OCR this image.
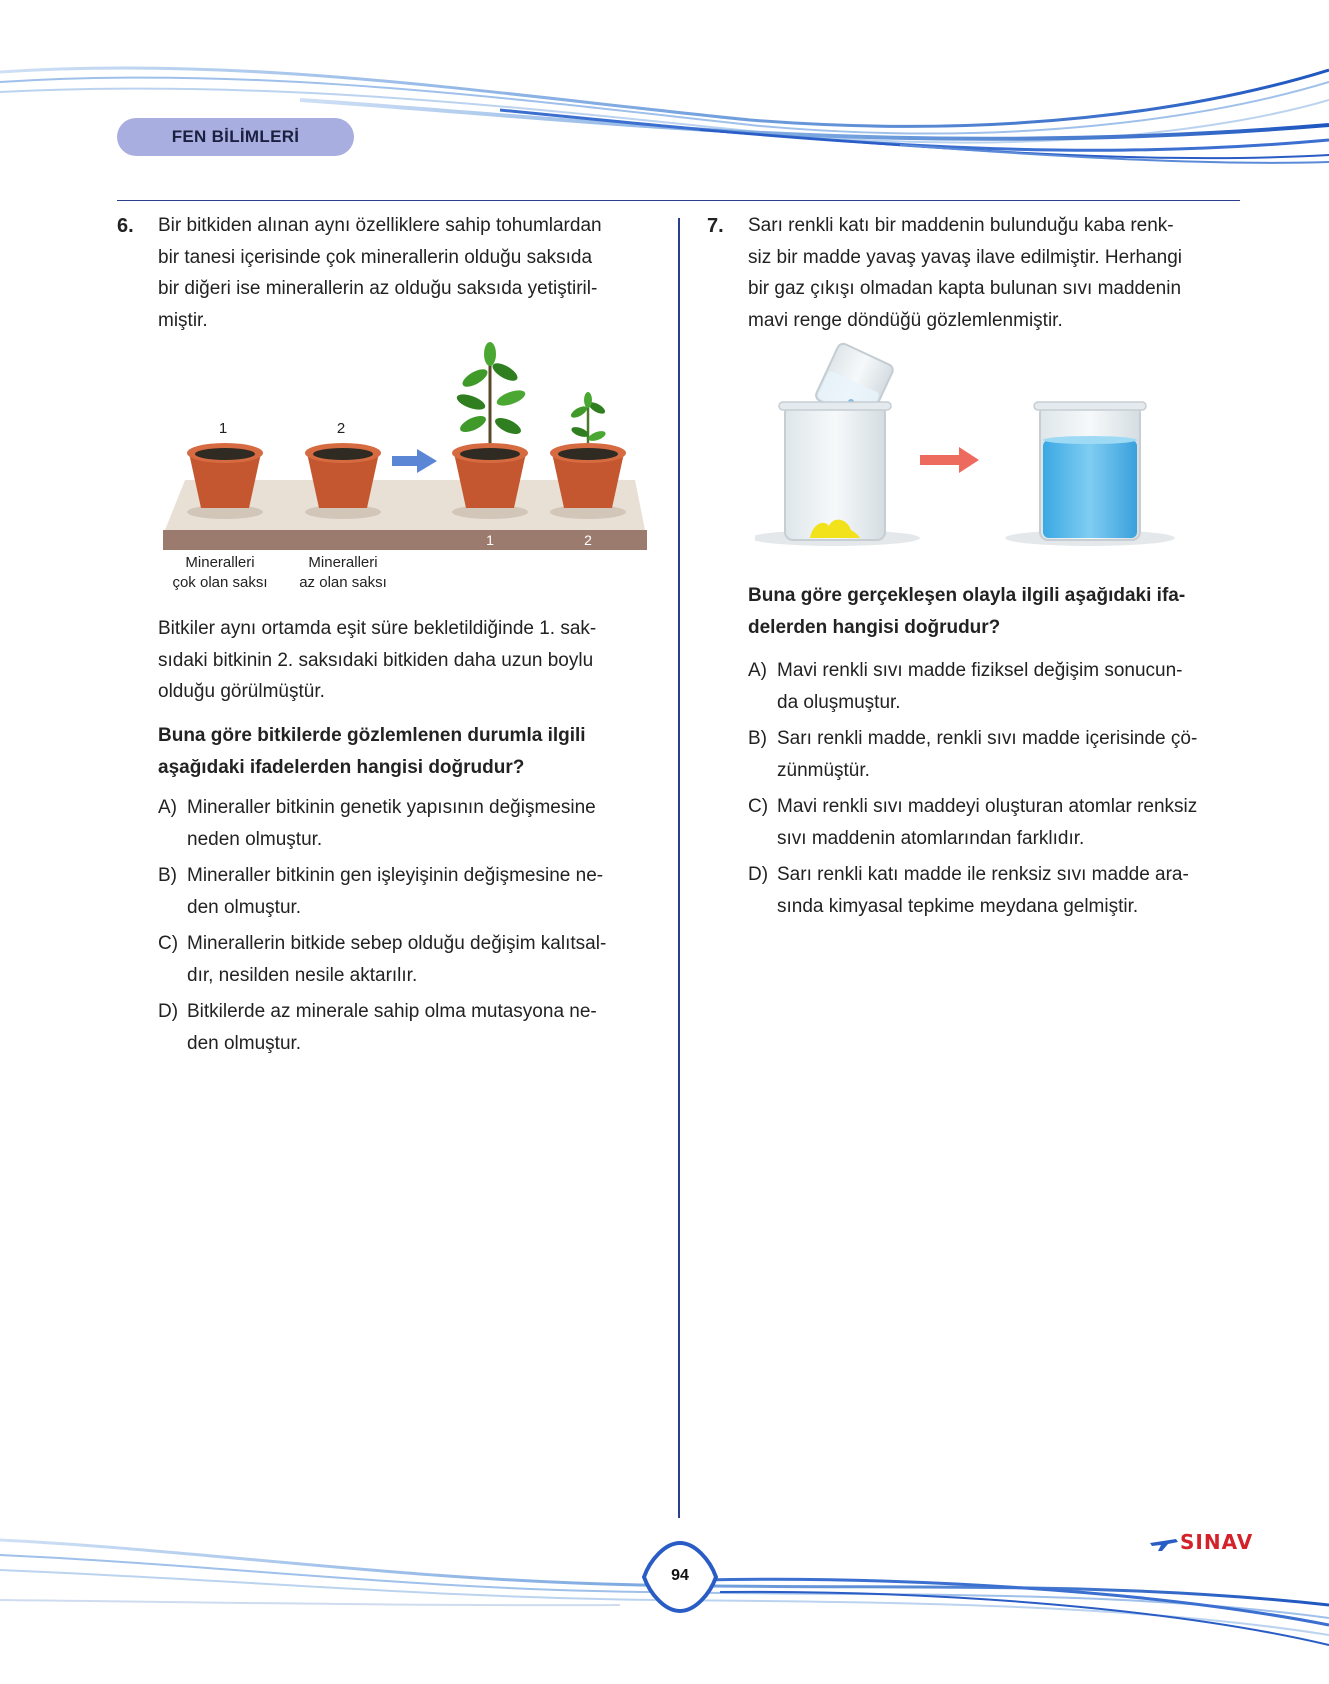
FEN BİLİMLERİ
6. Bir bitkiden alınan aynı özelliklere sahip tohumlardan
bir tanesi içerisinde çok minerallerin olduğu saksıda
bir diğeri ise minerallerin az olduğu saksıda yetiştiril-
miştir.
1	2
1	2
Mineralleri
çok olan saksı
Mineralleri
az olan saksı
Bitkiler aynı ortamda eşit süre bekletildiğinde 1. sak-
sıdaki bitkinin 2. saksıdaki bitkiden daha uzun boylu
olduğu görülmüştür.
Buna göre bitkilerde gözlemlenen durumla ilgili
aşağıdaki ifadelerden hangisi doğrudur?
A) Mineraller bitkinin genetik yapısının değişmesine
neden olmuştur.
B) Mineraller bitkinin gen işleyişinin değişmesine ne-
den olmuştur.
C) Minerallerin bitkide sebep olduğu değişim kalıtsal-
dır, nesilden nesile aktarılır.
D) Bitkilerde az minerale sahip olma mutasyona ne-
den olmuştur.
7. Sarı renkli katı bir maddenin bulunduğu kaba renk-
siz bir madde yavaş yavaş ilave edilmiştir. Herhangi
bir gaz çıkışı olmadan kapta bulunan sıvı maddenin
mavi renge döndüğü gözlemlenmiştir.
Buna göre gerçekleşen olayla ilgili aşağıdaki ifa-
delerden hangisi doğrudur?
A) Mavi renkli sıvı madde fiziksel değişim sonucun-
da oluşmuştur.
B) Sarı renkli madde, renkli sıvı madde içerisinde çö-
zünmüştür.
C) Mavi renkli sıvı maddeyi oluşturan atomlar renksiz
sıvı maddenin atomlarından farklıdır.
D) Sarı renkli katı madde ile renksiz sıvı madde ara-
sında kimyasal tepkime meydana gelmiştir.
94
SINAV
